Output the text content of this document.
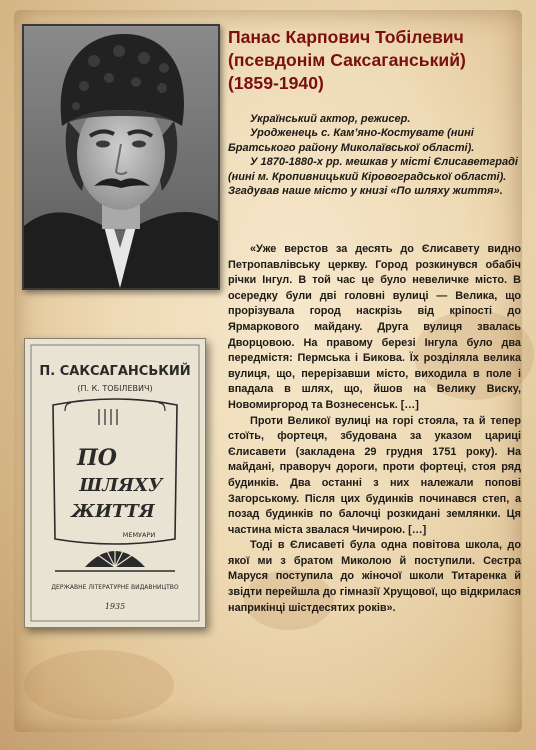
П. САКСАГАНСЬКИЙ
(П. К. ТОБІЛЕВИЧ)
ПО
ШЛЯХУ
ЖИТТЯ
МЕМУАРИ
ДЕРЖАВНЕ ЛІТЕРАТУРНЕ ВИДАВНИЦТВО
1935
Панас Карпович Тобілевич
(псевдонім Саксаганський)
(1859-1940)

Український актор, режисер.

Уродженець с. Кам’яно-Костувате (нині Братського району Миколаївської області).

У 1870-1880-х рр. мешкав у місті Єлисаветграді (нині м. Кропивницький Кіровоградської області). Згадував наше місто у книзі «По шляху життя».

«Уже верстов за десять до Єлисавету видно Петропавлівську церкву. Город розкинувся обабіч річки Інгул. В той час це було невеличке місто. В осередку були дві головні вулиці — Велика, що прорізувала город наскрізь від кріпості до Ярмаркового майдану. Друга вулиця звалась Дворцовою. На правому березі Інгула було два передмістя: Пермська і Бикова. Їх розділяла велика вулиця, що, перерізавши місто, виходила в поле і впадала в шлях, що, йшов на Велику Виску, Новомиргород та Вознесенськ. […]

Проти Великої вулиці на горі стояла, та й тепер стоїть, фортеця, збудована за указом цариці Єлисавети (закладена 29 грудня 1751 року). На майдані, праворуч дороги, проти фортеці, стоя ряд будинків. Два останні з них належали попові Загорському. Після цих будинків починався степ, а позад будинків по балочці розкидані землянки. Ця частина міста звалася Чичирою. […]

Тоді в Єлисаветі була одна повітова школа, до якої ми з братом Миколою й поступили. Сестра Маруся поступила до жіночої школи Титаренка й звідти перейшла до гімназії Хрущової, що відкрилася наприкінці шістдесятих років».
